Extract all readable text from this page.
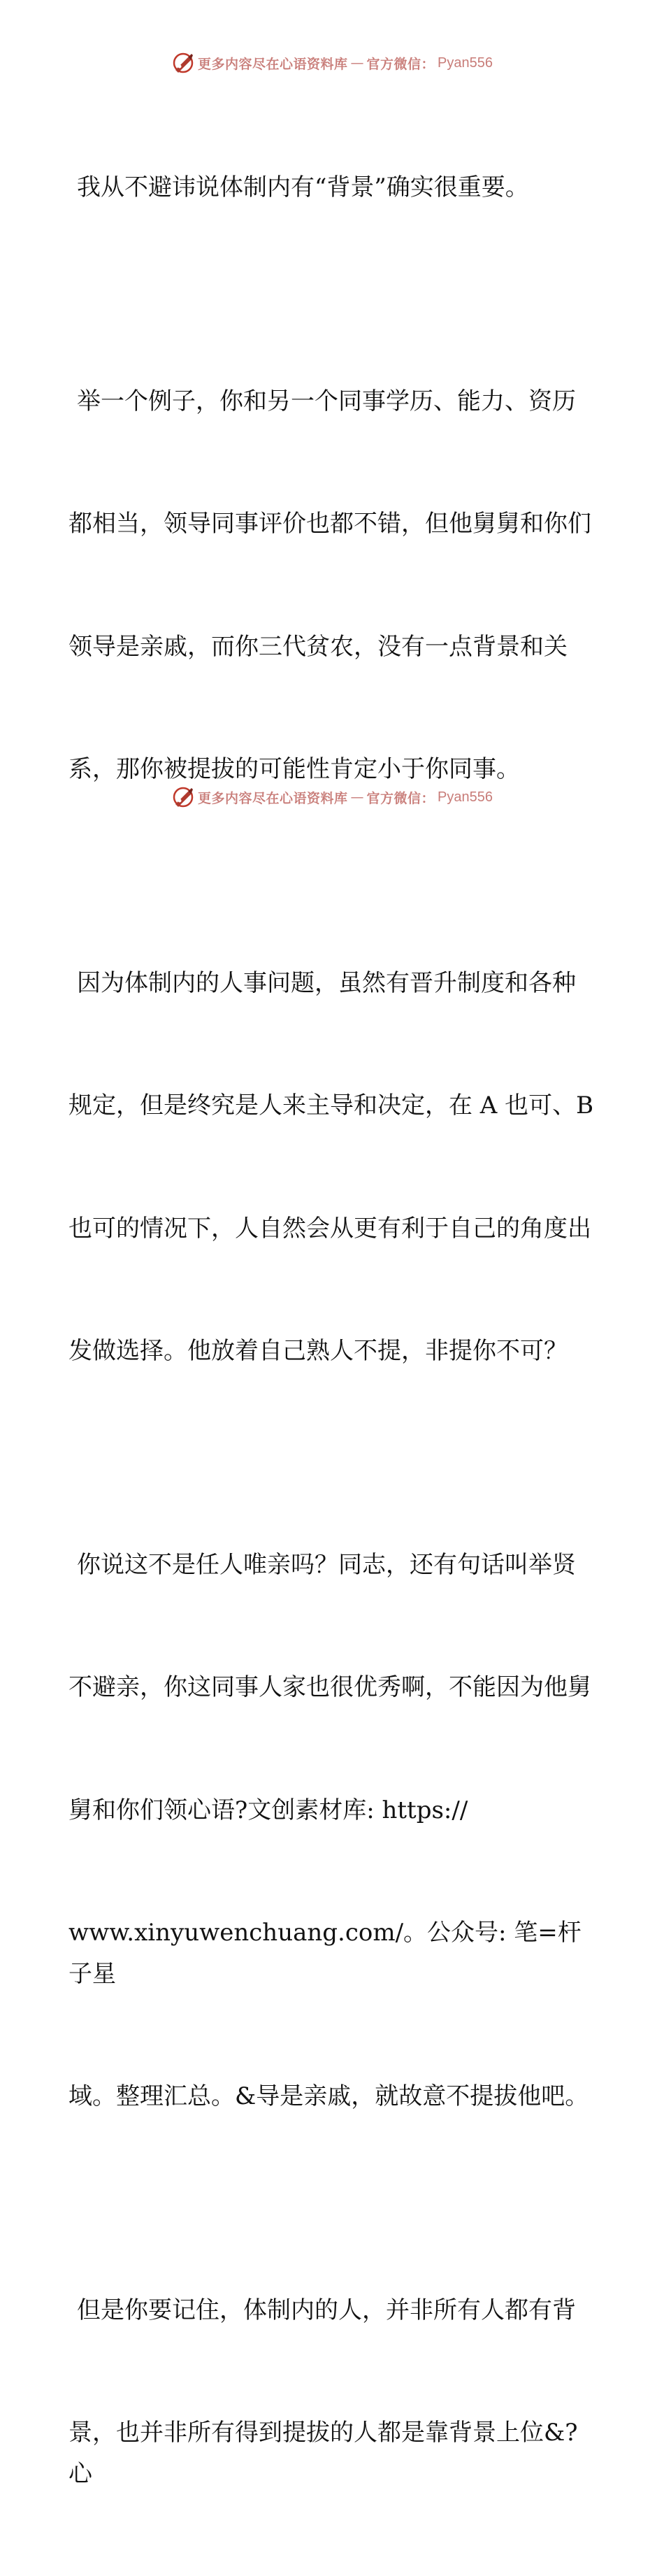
更多内容尽在心语资料库 — 官方微信： Pyan556

我从不避讳说体制内有“背景”确实很重要。

举一个例子，你和另一个同事学历、能力、资历

都相当，领导同事评价也都不错，但他舅舅和你们

领导是亲戚，而你三代贫农，没有一点背景和关

系，那你被提拔的可能性肯定小于你同事。

因为体制内的人事问题，虽然有晋升制度和各种

规定，但是终究是人来主导和决定，在 A 也可、B

也可的情况下，人自然会从更有利于自己的角度出

发做选择。他放着自己熟人不提，非提你不可？

你说这不是任人唯亲吗？同志，还有句话叫举贤

不避亲，你这同事人家也很优秀啊，不能因为他舅

舅和你们领心语?文创素材库: https://

www.xinyuwenchuang.com/。公众号: 笔=杆子星

域。整理汇总。&导是亲戚，就故意不提拔他吧。

但是你要记住，体制内的人，并非所有人都有背

景，也并非所有得到提拔的人都是靠背景上位&?心

更多内容尽在心语资料库 — 官方微信： Pyan556
